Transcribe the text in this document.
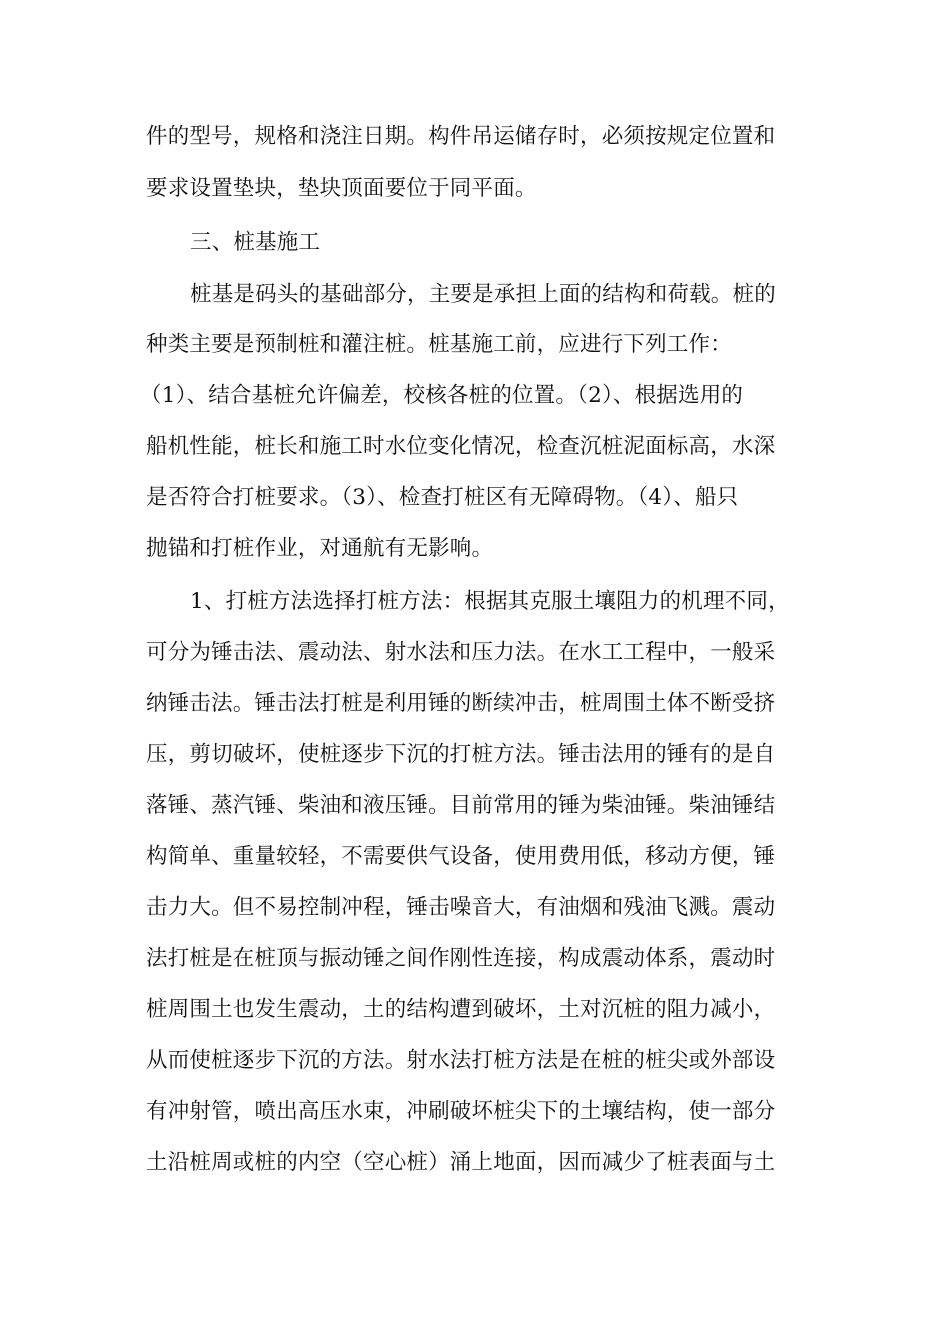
件的型号，规格和浇注日期。构件吊运储存时，必须按规定位置和
要求设置垫块，垫块顶面要位于同平面。
三、桩基施工
桩基是码头的基础部分，主要是承担上面的结构和荷载。桩的
种类主要是预制桩和灌注桩。桩基施工前，应进行下列工作：
（1）、结合基桩允许偏差，校核各桩的位置。（2）、根据选用的
船机性能，桩长和施工时水位变化情况，检查沉桩泥面标高，水深
是否符合打桩要求。（3）、检查打桩区有无障碍物。（4）、船只
抛锚和打桩作业，对通航有无影响。
1、打桩方法选择打桩方法：根据其克服土壤阻力的机理不同，
可分为锤击法、震动法、射水法和压力法。在水工工程中，一般采
纳锤击法。锤击法打桩是利用锤的断续冲击，桩周围土体不断受挤
压，剪切破坏，使桩逐步下沉的打桩方法。锤击法用的锤有的是自
落锤、蒸汽锤、柴油和液压锤。目前常用的锤为柴油锤。柴油锤结
构简单、重量较轻，不需要供气设备，使用费用低，移动方便，锤
击力大。但不易控制冲程，锤击噪音大，有油烟和残油飞溅。震动
法打桩是在桩顶与振动锤之间作刚性连接，构成震动体系，震动时
桩周围土也发生震动，土的结构遭到破坏，土对沉桩的阻力减小，
从而使桩逐步下沉的方法。射水法打桩方法是在桩的桩尖或外部设
有冲射管，喷出高压水束，冲刷破坏桩尖下的土壤结构，使一部分
土沿桩周或桩的内空（空心桩）涌上地面，因而减少了桩表面与土
